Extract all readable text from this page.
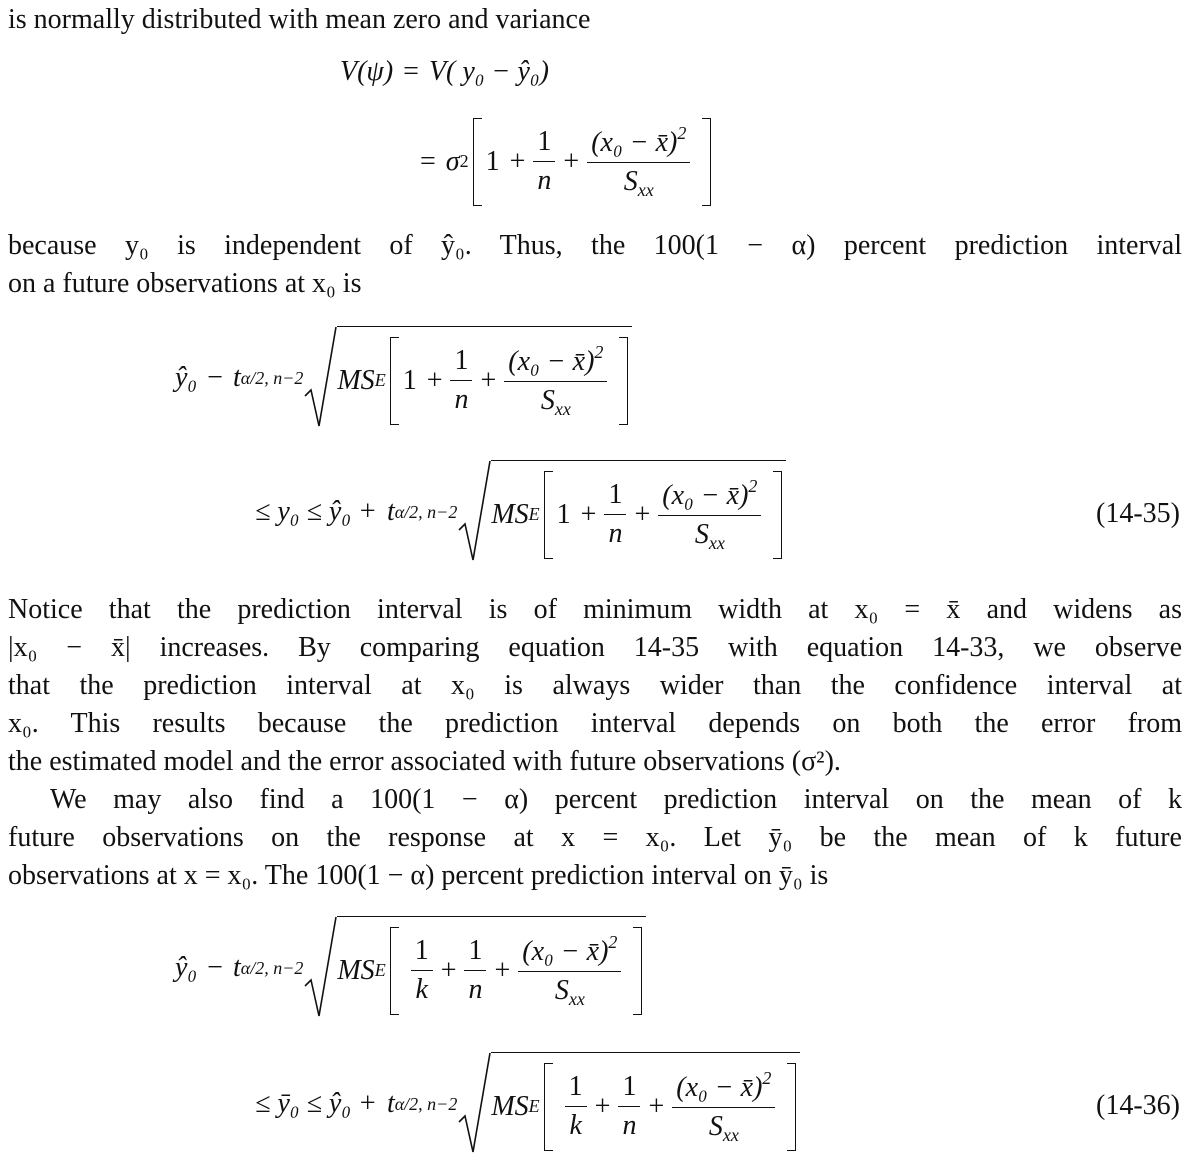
is normally distributed with mean zero and variance
V(ψ) = V( y₀ − ŷ₀)
= σ 2 $1 + \frac{1}{n} + \frac{(x_0 - x̄)^2}{S_{xx}}$
because y₀ is independent of ŷ₀. Thus, the 100(1 − α) percent prediction interval
on a future observations at x₀ is
ŷ₀ − t α/2, n−2 MS E $1 + \frac{1}{n} + \frac{(x_0 - x̄)^2}{S_{xx}}$
≤ y₀ ≤ ŷ₀ + t α/2, n−2 MS E $1 + \frac{1}{n} + \frac{(x_0 - x̄)^2}{S_{xx}}$	(14-35)
Notice that the prediction interval is of minimum width at x₀ = x̄ and widens as
|x₀ − x̄| increases. By comparing equation 14-35 with equation 14-33, we observe
that the prediction interval at x₀ is always wider than the confidence interval at
x₀. This results because the prediction interval depends on both the error from
the estimated model and the error associated with future observations (σ²).
We may also find a 100(1 − α) percent prediction interval on the mean of k
future observations on the response at x = x₀. Let ȳ₀ be the mean of k future
observations at x = x₀. The 100(1 − α) percent prediction interval on ȳ₀ is
ŷ₀ − t α/2, n−2 MS E $\frac{1}{k} + \frac{1}{n} + \frac{(x_0 - x̄)^2}{S_{xx}}$
≤ ȳ₀ ≤ ŷ₀ + t α/2, n−2 MS E $\frac{1}{k} + \frac{1}{n} + \frac{(x_0 - x̄)^2}{S_{xx}}$	(14-36)
